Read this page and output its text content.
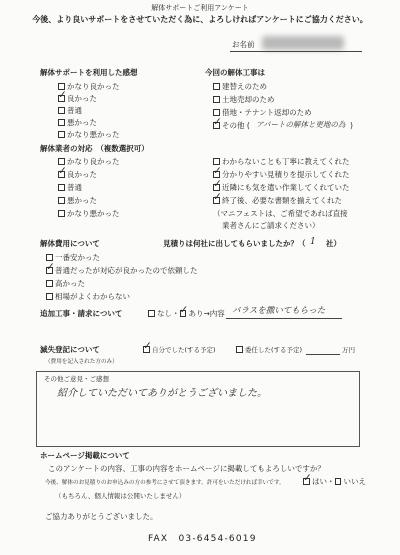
解体サポートご利用アンケート
今後、より良いサポートをさせていただく為に、よろしければアンケートにご協力ください。
お名前
解体サポートを利用した感想
かなり良かった
✓良かった
普通
悪かった
かなり悪かった
今回の解体工事は
建替えのため
土地売却のため
借地・テナント返却のため
✓その他 ( アパートの解体と更地の為 )
解体業者の対応　（複数選択可）
かなり良かった
✓良かった
普通
悪かった
かなり悪かった
わからないことも丁寧に教えてくれた
✓分かりやすい見積りを提示してくれた
✓近隣にも気を遣い作業してくれていた
✓終了後、必要な書類を揃えてくれた
（マニフェストは、ご希望であれば直接
業者さんにご請求ください）
解体費用について	見積りは何社に出してもらいましたか？（ 1 社）
一番安かった
✓普通だったが対応が良かったので依頼した
高かった
相場がよくわからない
追加工事・請求について	なし・ ✓ あり→内容 バラスを撒いてもらった
滅失登記について
（費用を記入された方のみ）
✓自分でした(する予定)	委任した(する予定)	万円
その他ご意見・ご感想
紹介していただいてありがとうございました。
ホームページ掲載について
このアンケートの内容、工事の内容をホームページに掲載してもよろしいですか？
今後、解体のお見積りのお申込みの方の参考にさせて頂きます。許可をいただければ幸いです。 ✓	はい・ いいえ
（もちろん、個人情報は公開いたしません）
ご協力ありがとうございました。
FAX　03-6454-6019
